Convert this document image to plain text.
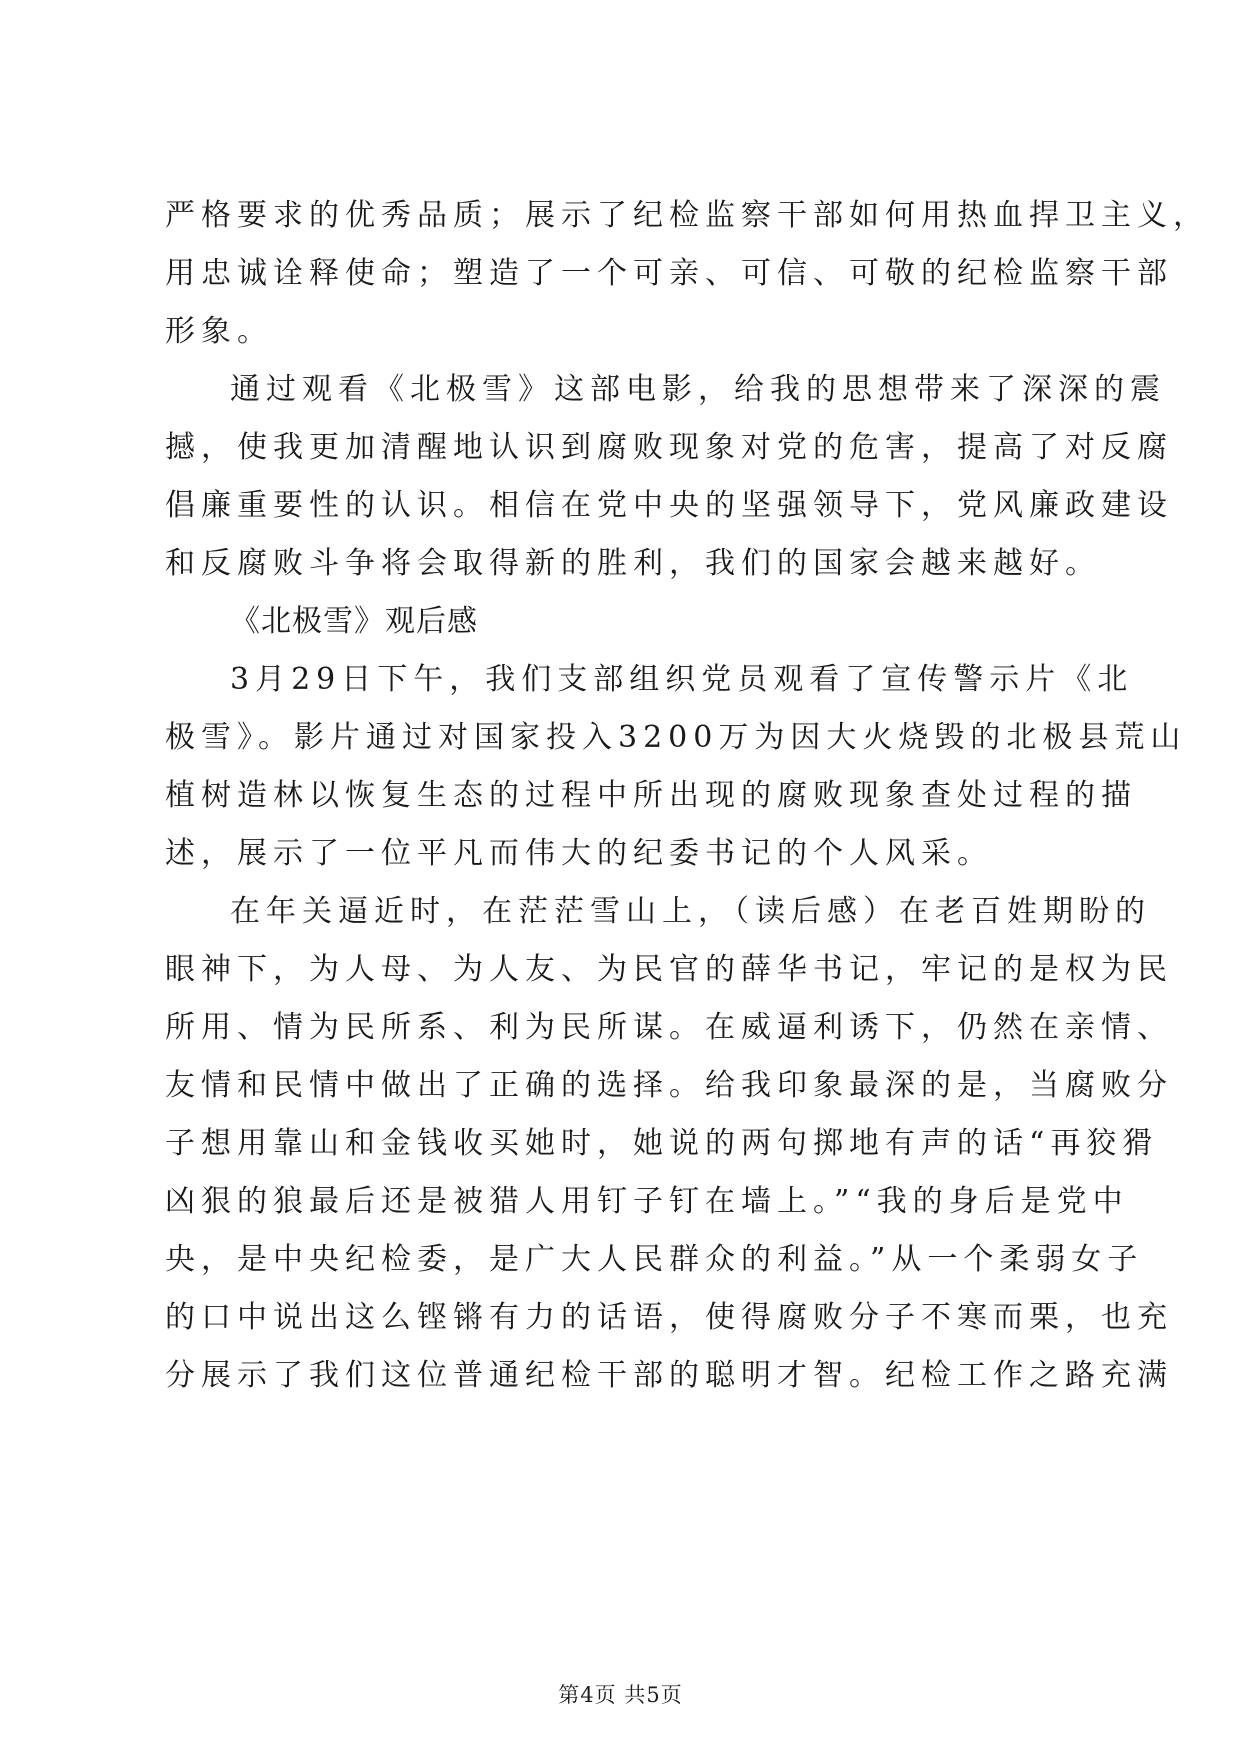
严格要求的优秀品质；展示了纪检监察干部如何用热血捍卫主义，
用忠诚诠释使命；塑造了一个可亲、可信、可敬的纪检监察干部
形象。
通过观看《北极雪》这部电影，给我的思想带来了深深的震
撼，使我更加清醒地认识到腐败现象对党的危害，提高了对反腐
倡廉重要性的认识。相信在党中央的坚强领导下，党风廉政建设
和反腐败斗争将会取得新的胜利，我们的国家会越来越好。
《北极雪》观后感
3月29日下午，我们支部组织党员观看了宣传警示片《北
极雪》。影片通过对国家投入3200万为因大火烧毁的北极县荒山
植树造林以恢复生态的过程中所出现的腐败现象查处过程的描
述，展示了一位平凡而伟大的纪委书记的个人风采。
在年关逼近时，在茫茫雪山上，（读后感）在老百姓期盼的
眼神下，为人母、为人友、为民官的薛华书记，牢记的是权为民
所用、情为民所系、利为民所谋。在威逼利诱下，仍然在亲情、
友情和民情中做出了正确的选择。给我印象最深的是，当腐败分
子想用靠山和金钱收买她时，她说的两句掷地有声的话“再狡猾
凶狠的狼最后还是被猎人用钉子钉在墙上。”“我的身后是党中
央，是中央纪检委，是广大人民群众的利益。”从一个柔弱女子
的口中说出这么铿锵有力的话语，使得腐败分子不寒而栗，也充
分展示了我们这位普通纪检干部的聪明才智。纪检工作之路充满
第4页 共5页
